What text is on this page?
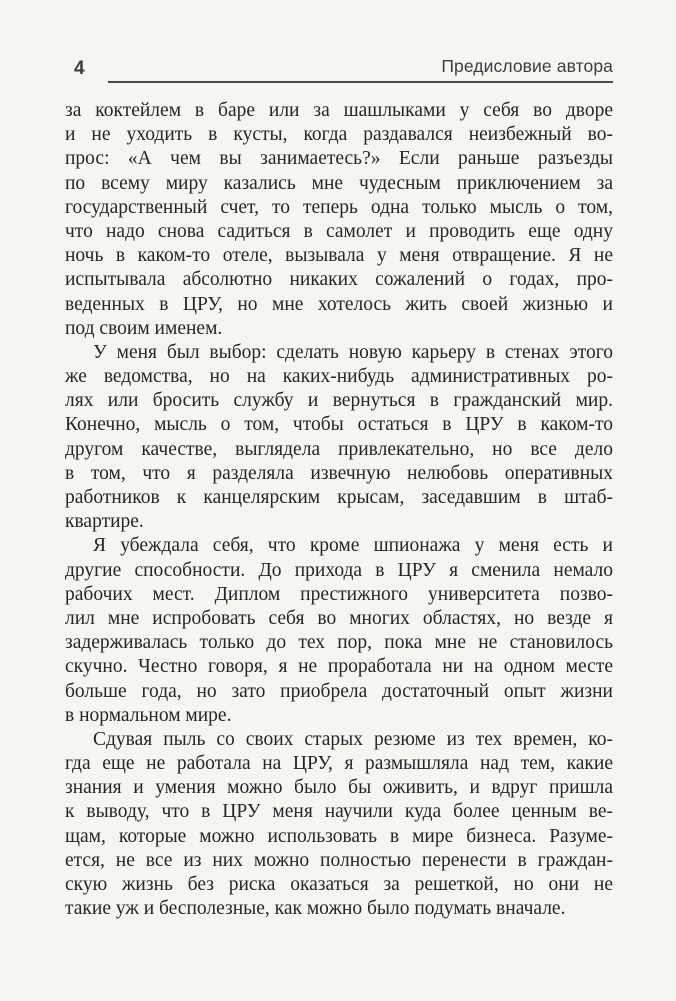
4	Предисловие автора
за коктейлем в баре или за шашлыками у себя во дворе
и не уходить в кусты, когда раздавался неизбежный во-
прос: «А чем вы занимаетесь?» Если раньше разъезды
по всему миру казались мне чудесным приключением за
государственный счет, то теперь одна только мысль о том,
что надо снова садиться в самолет и проводить еще одну
ночь в каком-то отеле, вызывала у меня отвращение. Я не
испытывала абсолютно никаких сожалений о годах, про-
веденных в ЦРУ, но мне хотелось жить своей жизнью и
под своим именем.
У меня был выбор: сделать новую карьеру в стенах этого
же ведомства, но на каких-нибудь административных ро-
лях или бросить службу и вернуться в гражданский мир.
Конечно, мысль о том, чтобы остаться в ЦРУ в каком-то
другом качестве, выглядела привлекательно, но все дело
в том, что я разделяла извечную нелюбовь оперативных
работников к канцелярским крысам, заседавшим в штаб-
квартире.
Я убеждала себя, что кроме шпионажа у меня есть и
другие способности. До прихода в ЦРУ я сменила немало
рабочих мест. Диплом престижного университета позво-
лил мне испробовать себя во многих областях, но везде я
задерживалась только до тех пор, пока мне не становилось
скучно. Честно говоря, я не проработала ни на одном месте
больше года, но зато приобрела достаточный опыт жизни
в нормальном мире.
Сдувая пыль со своих старых резюме из тех времен, ко-
гда еще не работала на ЦРУ, я размышляла над тем, какие
знания и умения можно было бы оживить, и вдруг пришла
к выводу, что в ЦРУ меня научили куда более ценным ве-
щам, которые можно использовать в мире бизнеса. Разуме-
ется, не все из них можно полностью перенести в граждан-
скую жизнь без риска оказаться за решеткой, но они не
такие уж и бесполезные, как можно было подумать вначале.
